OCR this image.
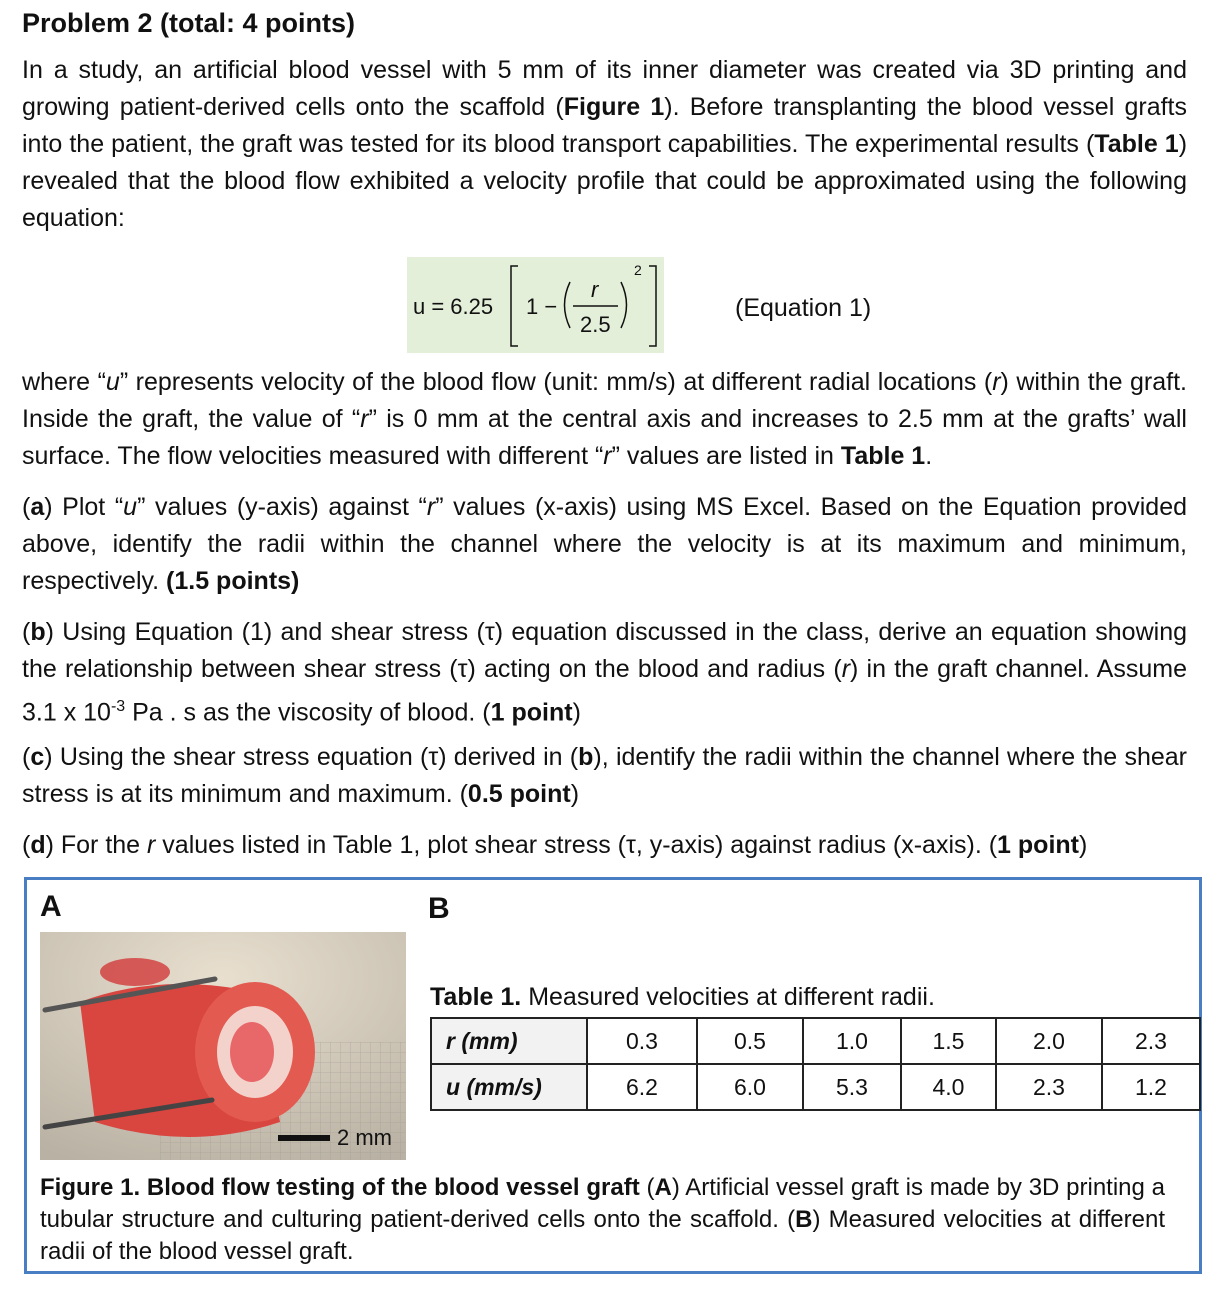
Problem 2 (total: 4 points)
In a study, an artificial blood vessel with 5 mm of its inner diameter was created via 3D printing and growing patient-derived cells onto the scaffold (Figure 1). Before transplanting the blood vessel grafts into the patient, the graft was tested for its blood transport capabilities. The experimental results (Table 1) revealed that the blood flow exhibited a velocity profile that could be approximated using the following equation:
u = 6.25 1 −
r
2.5
2
(Equation 1)
where “u” represents velocity of the blood flow (unit: mm/s) at different radial locations (r) within the graft. Inside the graft, the value of “r” is 0 mm at the central axis and increases to 2.5 mm at the grafts’ wall surface. The flow velocities measured with different “r” values are listed in Table 1.
(a) Plot “u” values (y-axis) against “r” values (x-axis) using MS Excel. Based on the Equation provided above, identify the radii within the channel where the velocity is at its maximum and minimum, respectively. (1.5 points)
(b) Using Equation (1) and shear stress (τ) equation discussed in the class, derive an equation showing the relationship between shear stress (τ) acting on the blood and radius (r) in the graft channel. Assume 3.1 x $10^{-3}$ Pa . s as the viscosity of blood. (1 point)
(c) Using the shear stress equation (τ) derived in (b), identify the radii within the channel where the shear stress is at its minimum and maximum. (0.5 point)
(d) For the r values listed in Table 1, plot shear stress (τ, y-axis) against radius (x-axis). (1 point)
A	B
2 mm
Table 1. Measured velocities at different radii.
r (mm)	0.3	0.5	1.0	1.5	2.0	2.3
u (mm/s)	6.2	6.0	5.3	4.0	2.3	1.2
Figure 1. Blood flow testing of the blood vessel graft (A) Artificial vessel graft is made by 3D printing a tubular structure and culturing patient-derived cells onto the scaffold. (B) Measured velocities at different radii of the blood vessel graft.
